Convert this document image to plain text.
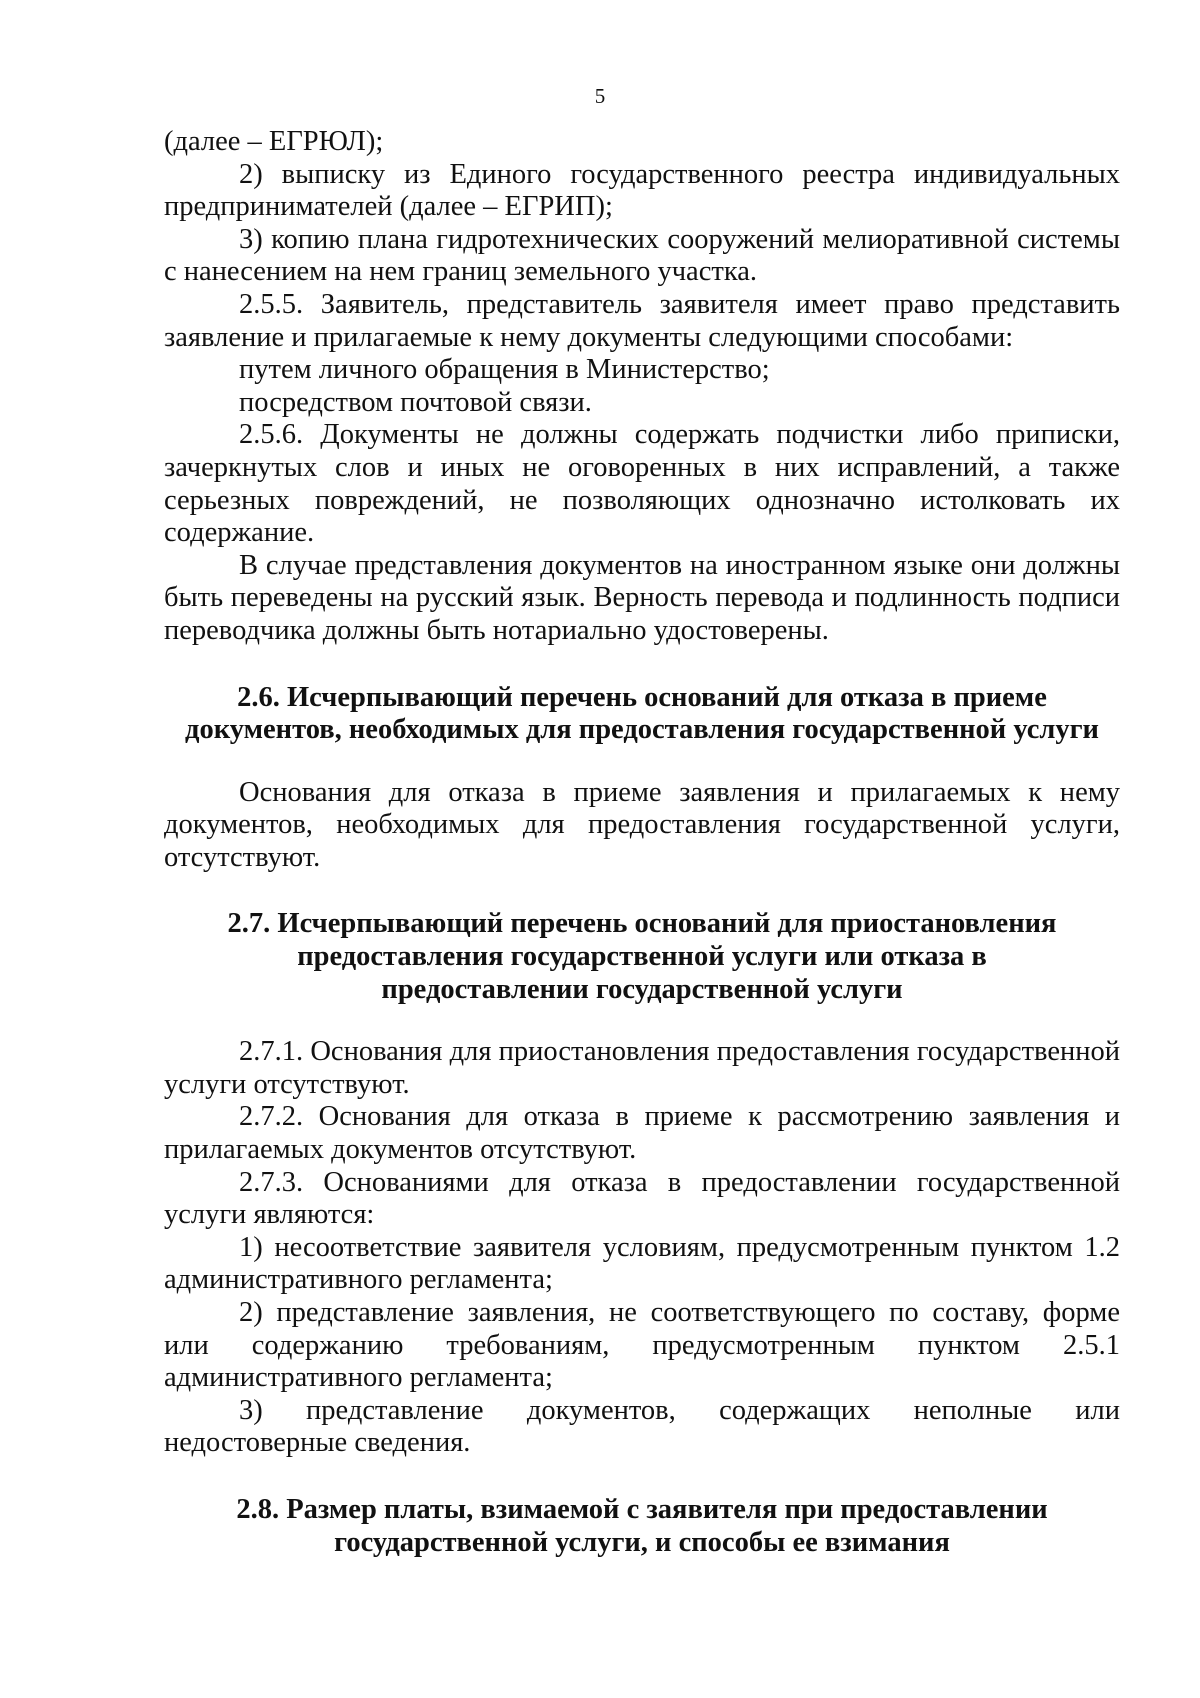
5

(далее – ЕГРЮЛ);

2) выписку из Единого государственного реестра индивидуальных предпринимателей (далее – ЕГРИП);

3) копию плана гидротехнических сооружений мелиоративной системы с нанесением на нем границ земельного участка.

2.5.5. Заявитель, представитель заявителя имеет право представить заявление и прилагаемые к нему документы следующими способами:

путем личного обращения в Министерство;

посредством почтовой связи.

2.5.6. Документы не должны содержать подчистки либо приписки, зачеркнутых слов и иных не оговоренных в них исправлений, а также серьезных повреждений, не позволяющих однозначно истолковать их содержание.

В случае представления документов на иностранном языке они должны быть переведены на русский язык. Верность перевода и подлинность подписи переводчика должны быть нотариально удостоверены.

2.6. Исчерпывающий перечень оснований для отказа в приеме
документов, необходимых для предоставления государственной услуги

Основания для отказа в приеме заявления и прилагаемых к нему документов, необходимых для предоставления государственной услуги, отсутствуют.

2.7. Исчерпывающий перечень оснований для приостановления
предоставления государственной услуги или отказа в
предоставлении государственной услуги

2.7.1. Основания для приостановления предоставления государственной услуги отсутствуют.

2.7.2. Основания для отказа в приеме к рассмотрению заявления и прилагаемых документов отсутствуют.

2.7.3. Основаниями для отказа в предоставлении государственной услуги являются:

1) несоответствие заявителя условиям, предусмотренным пунктом 1.2 административного регламента;

2) представление заявления, не соответствующего по составу, форме или содержанию требованиям, предусмотренным пунктом 2.5.1 административного регламента;

3) представление документов, содержащих неполные или недостоверные сведения.

2.8. Размер платы, взимаемой с заявителя при предоставлении
государственной услуги, и способы ее взимания
